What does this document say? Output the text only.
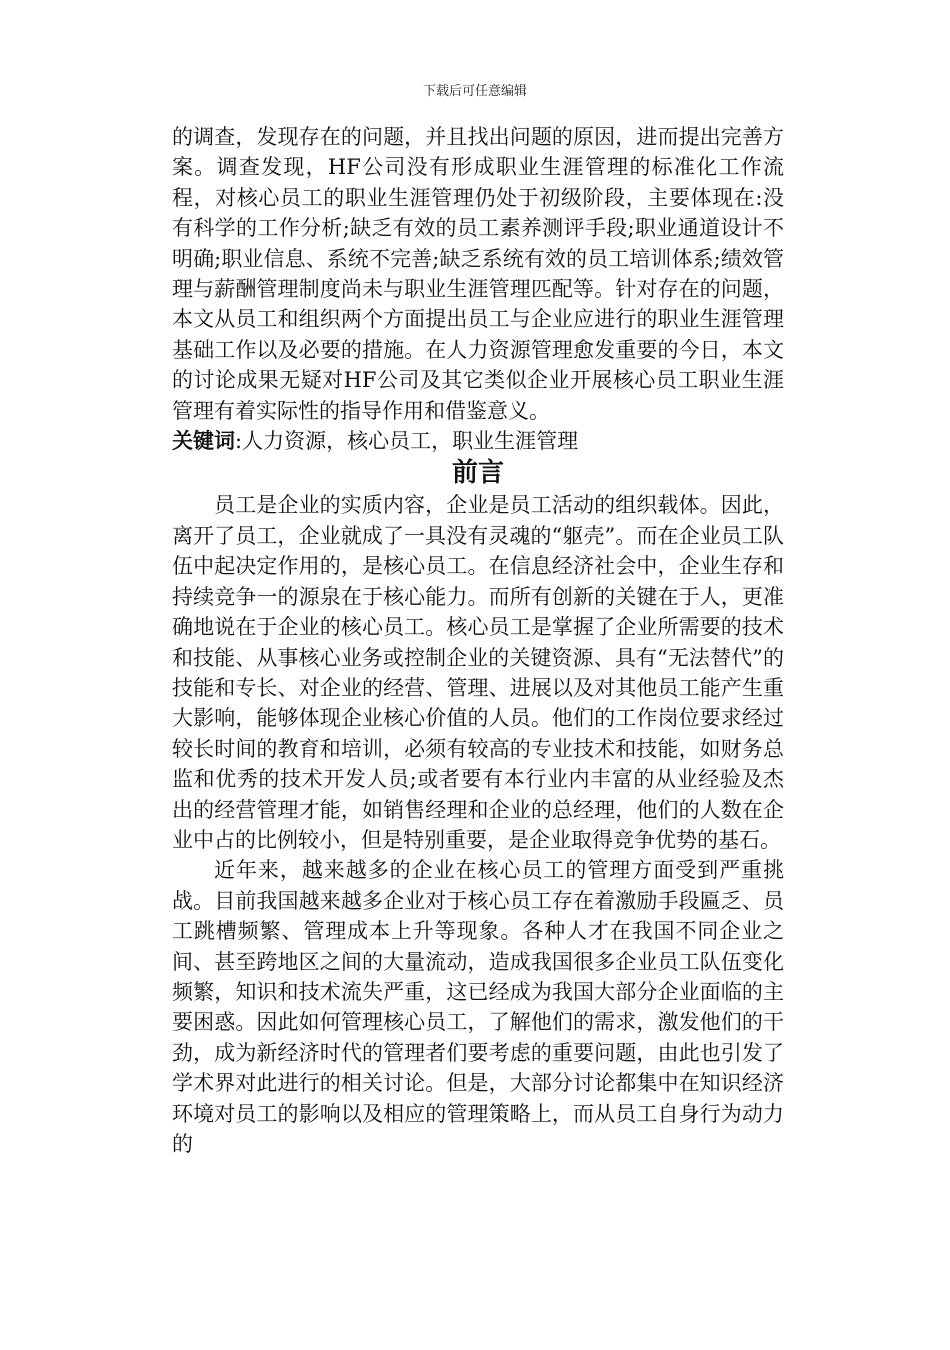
下载后可任意编辑

的调查，发现存在的问题，并且找出问题的原因，进而提出完善方案。调查发现，HF公司没有形成职业生涯管理的标准化工作流程，对核心员工的职业生涯管理仍处于初级阶段，主要体现在:没有科学的工作分析;缺乏有效的员工素养测评手段;职业通道设计不明确;职业信息、系统不完善;缺乏系统有效的员工培训体系;绩效管理与薪酬管理制度尚未与职业生涯管理匹配等。针对存在的问题，本文从员工和组织两个方面提出员工与企业应进行的职业生涯管理基础工作以及必要的措施。在人力资源管理愈发重要的今日，本文的讨论成果无疑对HF公司及其它类似企业开展核心员工职业生涯管理有着实际性的指导作用和借鉴意义。

关键词:人力资源，核心员工，职业生涯管理

前言

员工是企业的实质内容，企业是员工活动的组织载体。因此，离开了员工，企业就成了一具没有灵魂的“躯壳”。而在企业员工队伍中起决定作用的，是核心员工。在信息经济社会中，企业生存和持续竞争一的源泉在于核心能力。而所有创新的关键在于人，更准确地说在于企业的核心员工。核心员工是掌握了企业所需要的技术和技能、从事核心业务或控制企业的关键资源、具有“无法替代”的技能和专长、对企业的经营、管理、进展以及对其他员工能产生重大影响，能够体现企业核心价值的人员。他们的工作岗位要求经过较长时间的教育和培训，必须有较高的专业技术和技能，如财务总监和优秀的技术开发人员;或者要有本行业内丰富的从业经验及杰出的经营管理才能，如销售经理和企业的总经理，他们的人数在企业中占的比例较小，但是特别重要，是企业取得竞争优势的基石。

近年来，越来越多的企业在核心员工的管理方面受到严重挑战。目前我国越来越多企业对于核心员工存在着激励手段匾乏、员工跳槽频繁、管理成本上升等现象。各种人才在我国不同企业之间、甚至跨地区之间的大量流动，造成我国很多企业员工队伍变化频繁，知识和技术流失严重，这已经成为我国大部分企业面临的主要困惑。因此如何管理核心员工，了解他们的需求，激发他们的干劲，成为新经济时代的管理者们要考虑的重要问题，由此也引发了学术界对此进行的相关讨论。但是，大部分讨论都集中在知识经济环境对员工的影响以及相应的管理策略上，而从员工自身行为动力的
